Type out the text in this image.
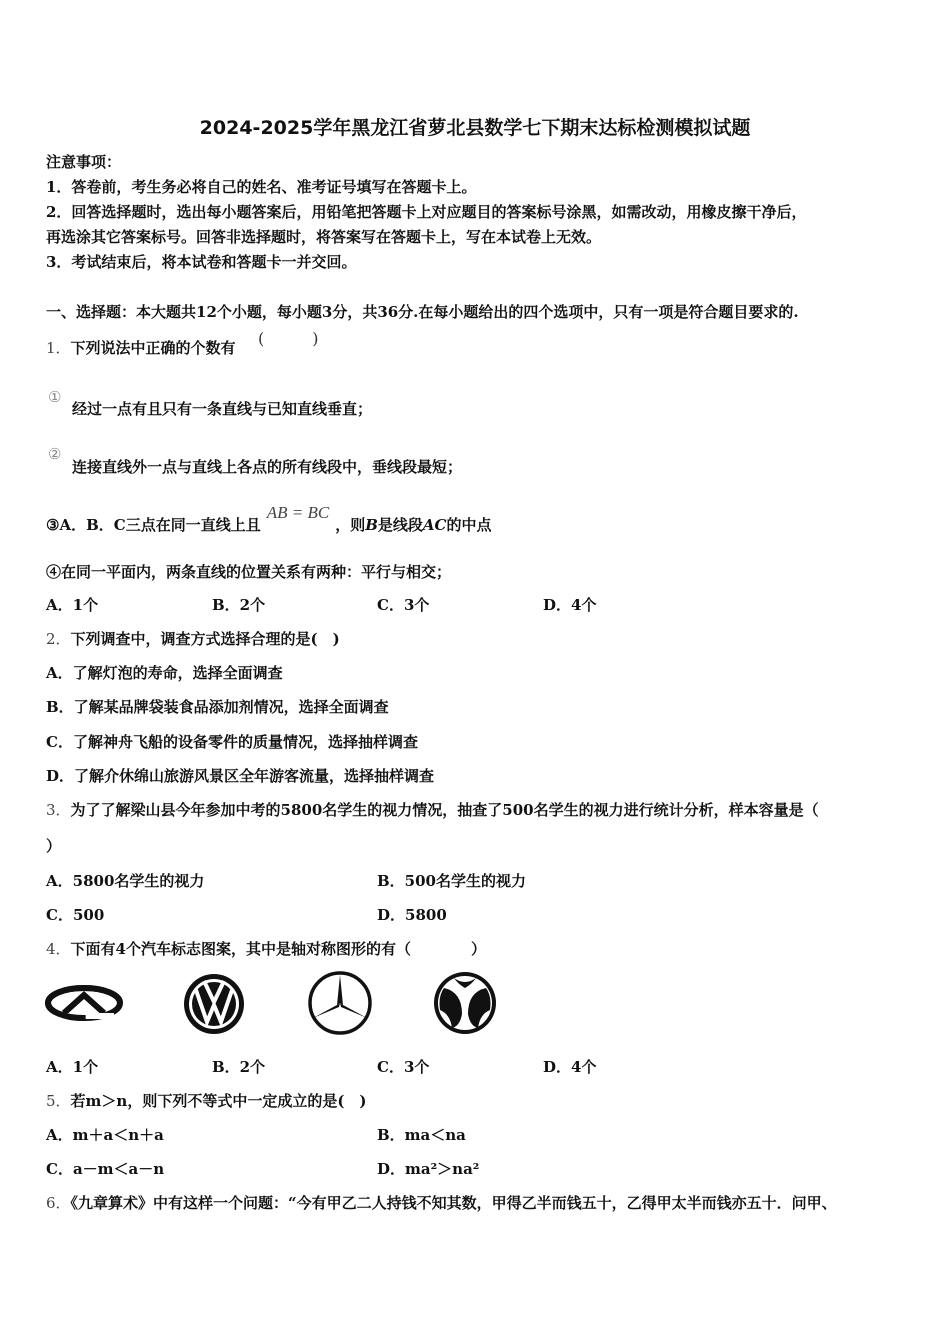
2024-2025学年黑龙江省萝北县数学七下期末达标检测模拟试题
注意事项：
1．答卷前，考生务必将自己的姓名、准考证号填写在答题卡上。
2．回答选择题时，选出每小题答案后，用铅笔把答题卡上对应题目的答案标号涂黑，如需改动，用橡皮擦干净后，
再选涂其它答案标号。回答非选择题时，将答案写在答题卡上，写在本试卷上无效。
3．考试结束后，将本试卷和答题卡一并交回。
一、选择题：本大题共12个小题，每小题3分，共36分.在每小题给出的四个选项中，只有一项是符合题目要求的.
1．下列说法中正确的个数有 (　　　)
①
经过一点有且只有一条直线与已知直线垂直；
②
连接直线外一点与直线上各点的所有线段中，垂线段最短；
③A．B．C三点在同一直线上且AB = BC，则B是线段AC的中点
④在同一平面内，两条直线的位置关系有两种：平行与相交；
A．1个	B．2个	C．3个	D．4个
2．下列调查中，调查方式选择合理的是(　)
A．了解灯泡的寿命，选择全面调查
B．了解某品牌袋装食品添加剂情况，选择全面调查
C．了解神舟飞船的设备零件的质量情况，选择抽样调查
D．了解介休绵山旅游风景区全年游客流量，选择抽样调查
3．为了了解梁山县今年参加中考的5800名学生的视力情况，抽查了500名学生的视力进行统计分析，样本容量是（
）
A．5800名学生的视力	B．500名学生的视力
C．500	D．5800
4．下面有4个汽车标志图案，其中是轴对称图形的有（　　　　）
A．1个	B．2个	C．3个	D．4个
5．若m＞n，则下列不等式中一定成立的是(　)
A．m＋a＜n＋a	B．ma＜na
C．a－m＜a－n	D．ma²＞na²
6．《九章算术》中有这样一个问题：“今有甲乙二人持钱不知其数，甲得乙半而钱五十，乙得甲太半而钱亦五十．问甲、
